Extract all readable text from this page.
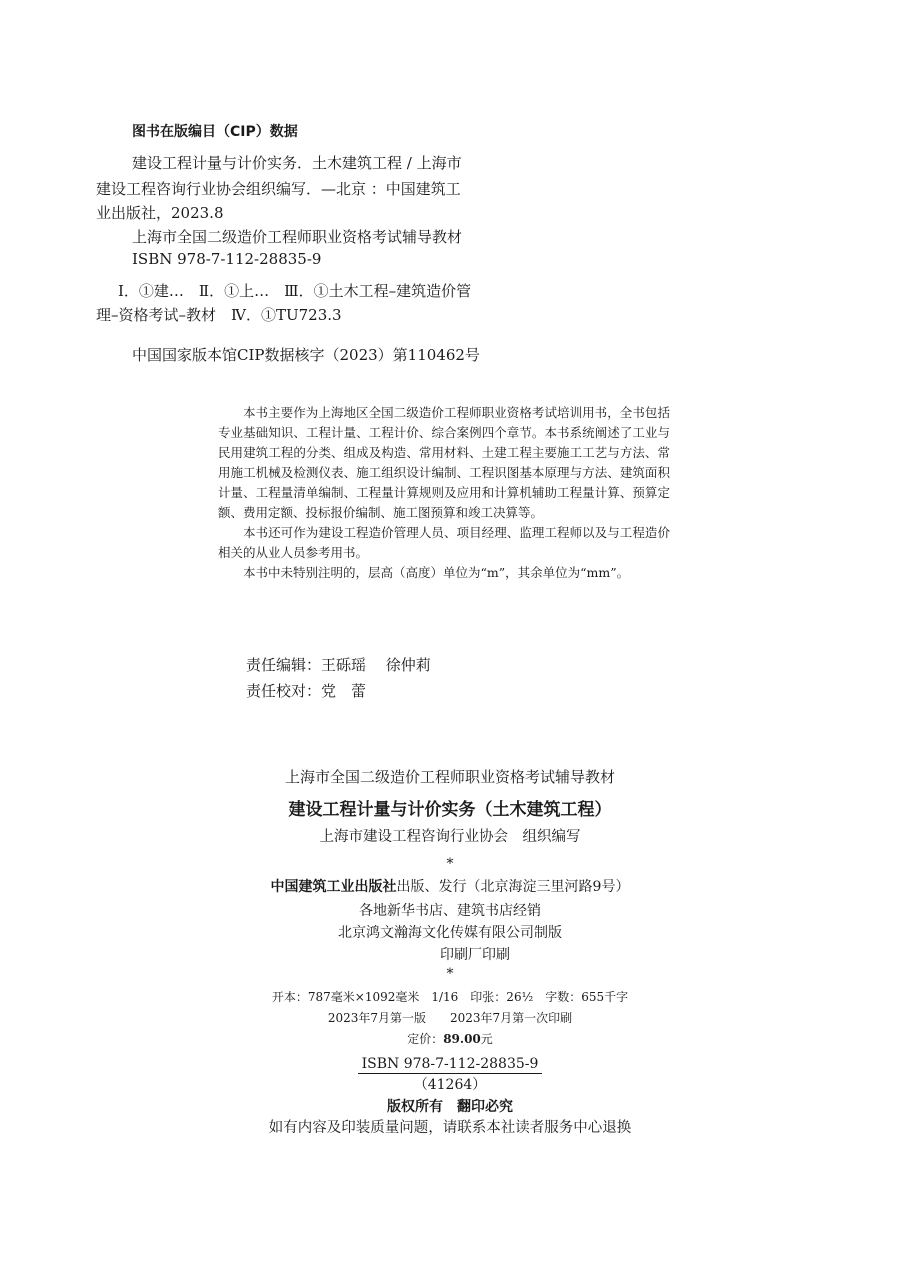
图书在版编目（CIP）数据
建设工程计量与计价实务．土木建筑工程 / 上海市
建设工程咨询行业协会组织编写．—北京 ：中国建筑工
业出版社，2023.8
上海市全国二级造价工程师职业资格考试辅导教材
ISBN 978-7-112-28835-9
Ⅰ．①建…　Ⅱ．①上…　Ⅲ．①土木工程–建筑造价管
理–资格考试–教材　Ⅳ．①TU723.3
中国国家版本馆CIP数据核字（2023）第110462号

本书主要作为上海地区全国二级造价工程师职业资格考试培训用书，全书包括专业基础知识、工程计量、工程计价、综合案例四个章节。本书系统阐述了工业与民用建筑工程的分类、组成及构造、常用材料、土建工程主要施工工艺与方法、常用施工机械及检测仪表、施工组织设计编制、工程识图基本原理与方法、建筑面积计量、工程量清单编制、工程量计算规则及应用和计算机辅助工程量计算、预算定额、费用定额、投标报价编制、施工图预算和竣工决算等。

本书还可作为建设工程造价管理人员、项目经理、监理工程师以及与工程造价相关的从业人员参考用书。

本书中未特别注明的，层高（高度）单位为“m”，其余单位为“mm”。

责任编辑：王砾瑶　 徐仲莉
责任校对：党　蕾
上海市全国二级造价工程师职业资格考试辅导教材
建设工程计量与计价实务（土木建筑工程）
上海市建设工程咨询行业协会　组织编写
*
中国建筑工业出版社出版、发行（北京海淀三里河路9号）
各地新华书店、建筑书店经销
北京鸿文瀚海文化传媒有限公司制版
印刷厂印刷
*
开本：787毫米×1092毫米　1/16　印张：26½　字数：655千字
2023年7月第一版　　2023年7月第一次印刷
定价：89.00元
ISBN 978-7-112-28835-9
（41264）
版权所有　翻印必究
如有内容及印装质量问题，请联系本社读者服务中心退换
